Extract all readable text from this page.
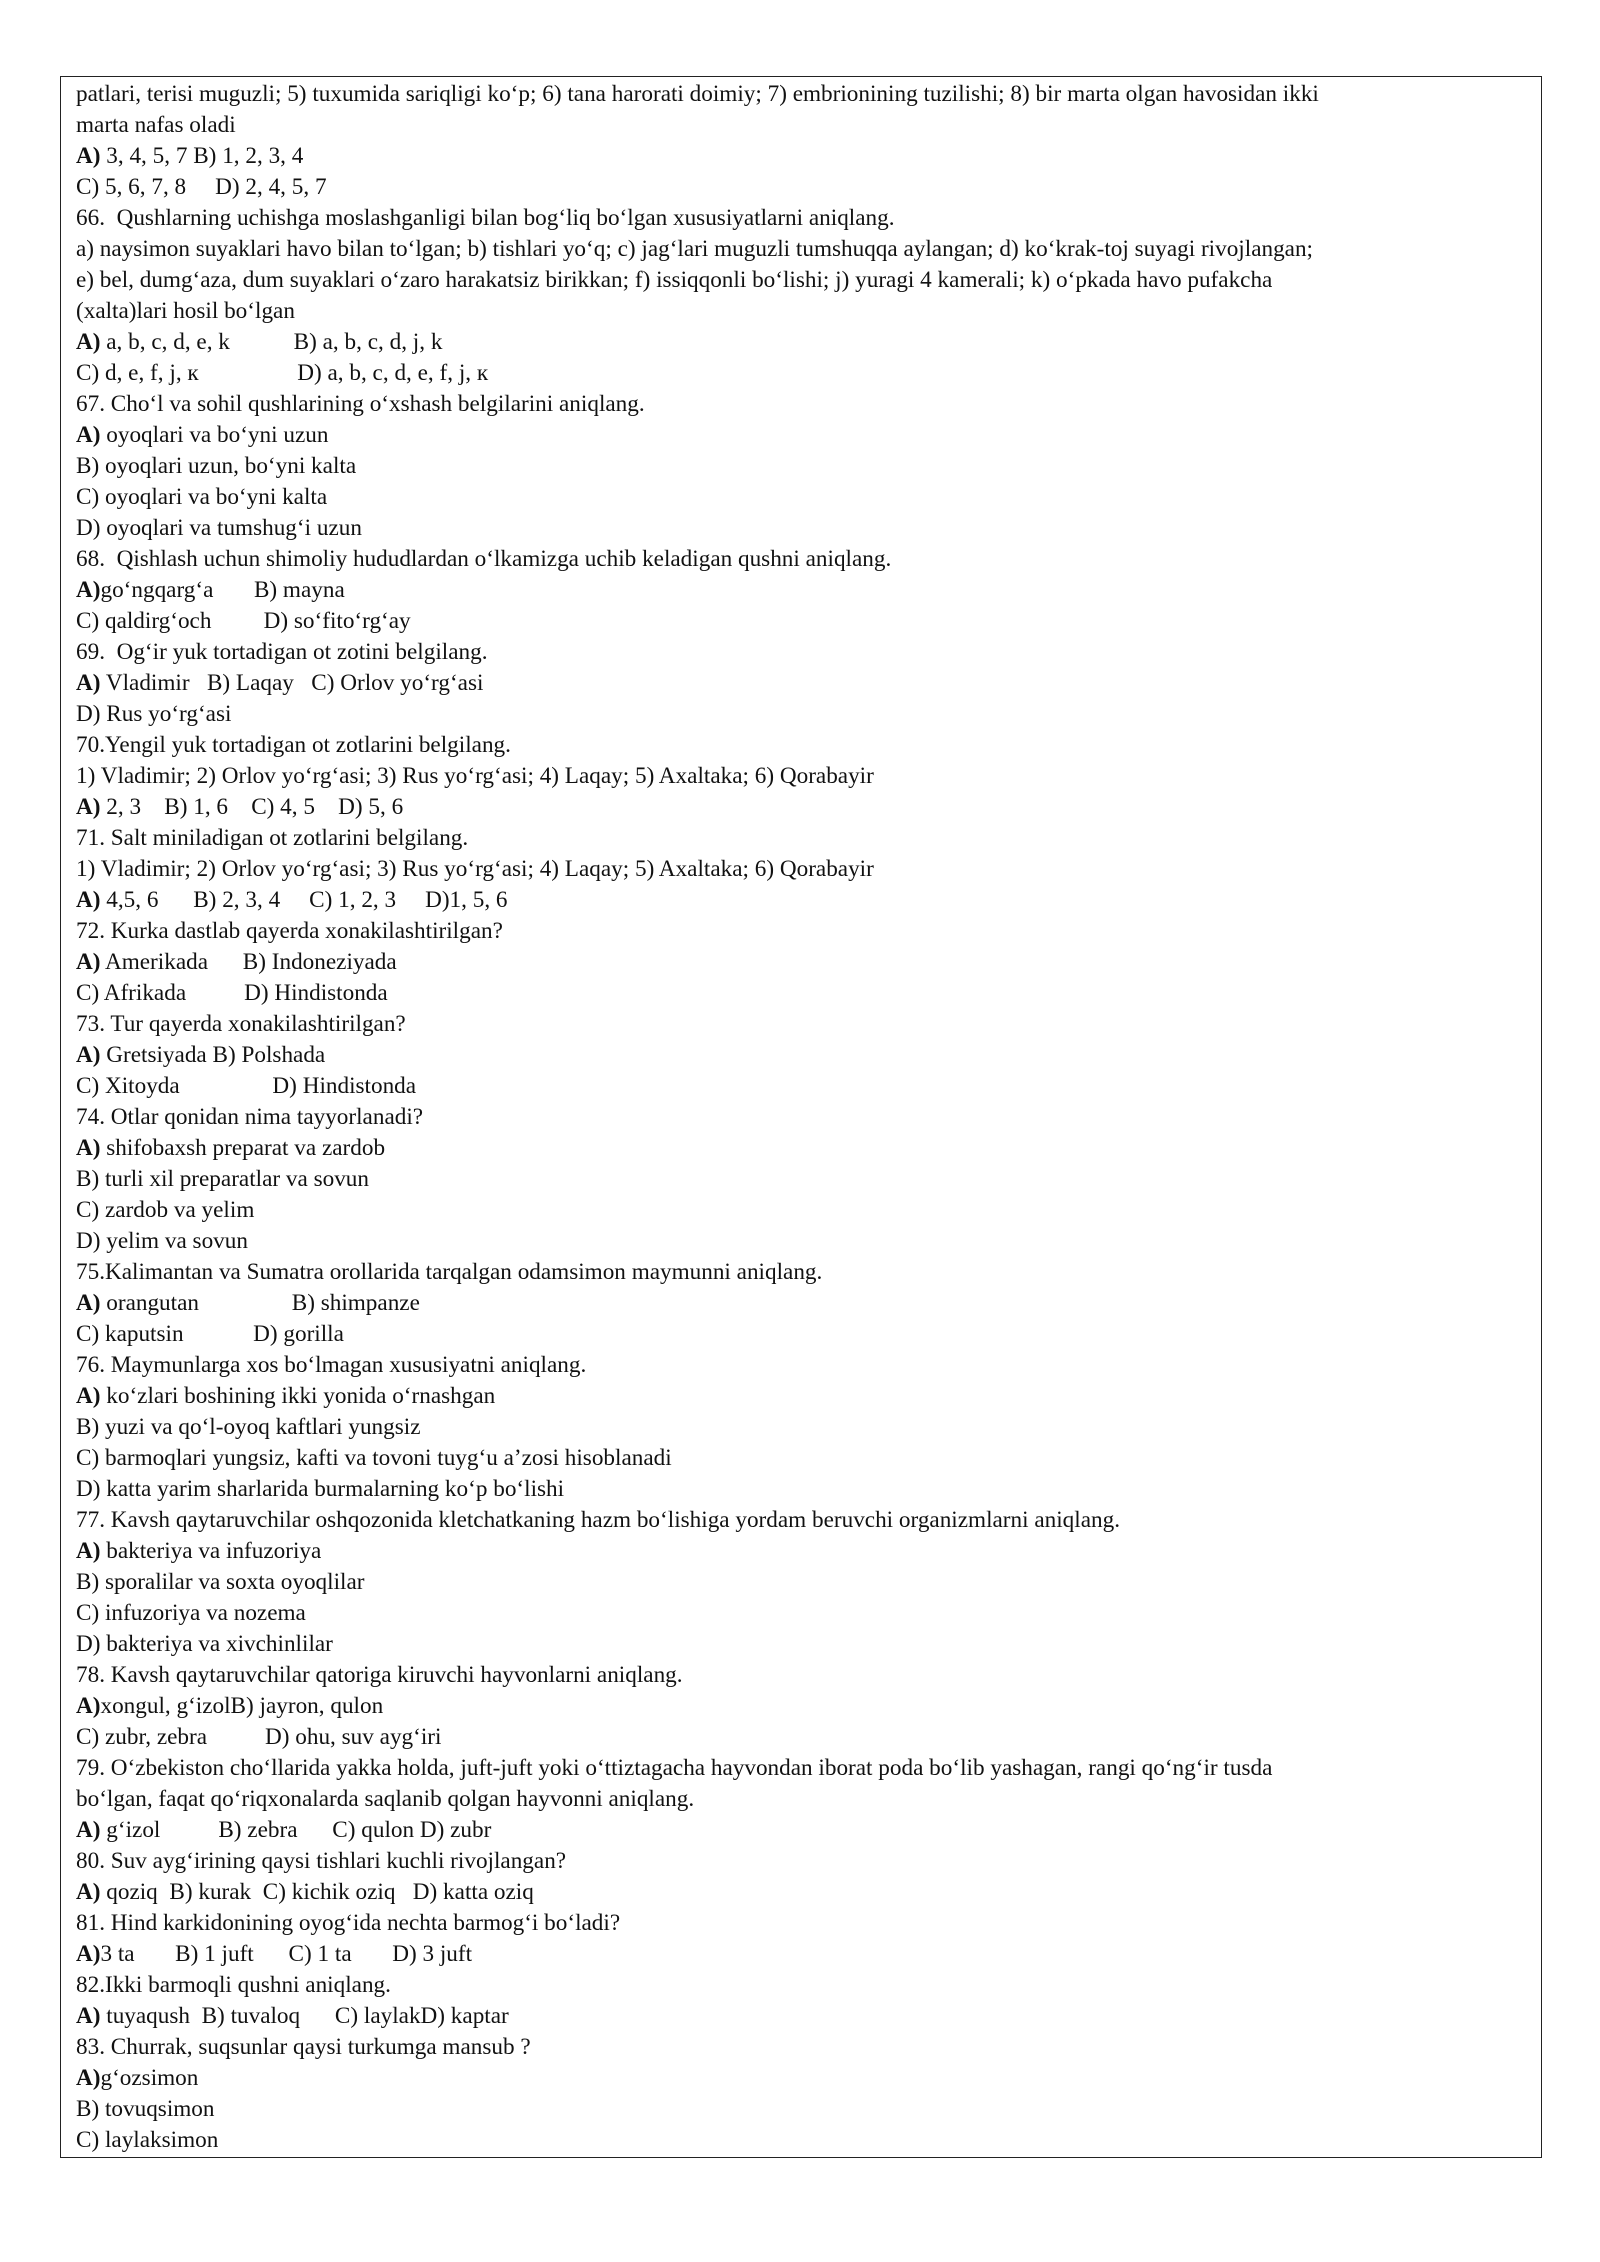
patlari, terisi muguzli; 5) tuxumida sariqligi ko‘p; 6) tana harorati doimiy; 7) embrionining tuzilishi; 8) bir marta olgan havosidan ikki
marta nafas oladi
A) 3, 4, 5, 7 B) 1, 2, 3, 4
C) 5, 6, 7, 8     D) 2, 4, 5, 7
66.  Qushlarning uchishga moslashganligi bilan bog‘liq bo‘lgan xususiyatlarni aniqlang.
a) naysimon suyaklari havo bilan to‘lgan; b) tishlari yo‘q; c) jag‘lari muguzli tumshuqqa aylangan; d) ko‘krak-toj suyagi rivojlangan;
e) bel, dumg‘aza, dum suyaklari o‘zaro harakatsiz birikkan; f) issiqqonli bo‘lishi; j) yuragi 4 kamerali; k) o‘pkada havo pufakcha
(xalta)lari hosil bo‘lgan
A) a, b, c, d, e, k           B) a, b, c, d, j, k
C) d, e, f, j, к                 D) a, b, c, d, e, f, j, к
67. Cho‘l va sohil qushlarining o‘xshash belgilarini aniqlang.
A) oyoqlari va bo‘yni uzun
B) oyoqlari uzun, bo‘yni kalta
C) oyoqlari va bo‘yni kalta
D) oyoqlari va tumshug‘i uzun
68.  Qishlash uchun shimoliy hududlardan o‘lkamizga uchib keladigan qushni aniqlang.
A)go‘ngqarg‘a       B) mayna
C) qaldirg‘och         D) so‘fito‘rg‘ay
69.  Og‘ir yuk tortadigan ot zotini belgilang.
A) Vladimir   B) Laqay   C) Orlov yo‘rg‘asi
D) Rus yo‘rg‘asi
70.Yengil yuk tortadigan ot zotlarini belgilang.
1) Vladimir; 2) Orlov yo‘rg‘asi; 3) Rus yo‘rg‘asi; 4) Laqay; 5) Axaltaka; 6) Qorabayir
A) 2, 3    B) 1, 6    C) 4, 5    D) 5, 6
71. Salt miniladigan ot zotlarini belgilang.
1) Vladimir; 2) Orlov yo‘rg‘asi; 3) Rus yo‘rg‘asi; 4) Laqay; 5) Axaltaka; 6) Qorabayir
A) 4,5, 6      B) 2, 3, 4     C) 1, 2, 3     D)1, 5, 6
72. Kurka dastlab qayerda xonakilashtirilgan?
A) Amerikada      B) Indoneziyada
C) Afrikada          D) Hindistonda
73. Tur qayerda xonakilashtirilgan?
A) Gretsiyada B) Polshada
C) Xitoyda                D) Hindistonda
74. Otlar qonidan nima tayyorlanadi?
A) shifobaxsh preparat va zardob
B) turli xil preparatlar va sovun
C) zardob va yelim
D) yelim va sovun
75.Kalimantan va Sumatra orollarida tarqalgan odamsimon maymunni aniqlang.
A) orangutan                B) shimpanze
C) kaputsin            D) gorilla
76. Maymunlarga xos bo‘lmagan xususiyatni aniqlang.
A) ko‘zlari boshining ikki yonida o‘rnashgan
B) yuzi va qo‘l-oyoq kaftlari yungsiz
C) barmoqlari yungsiz, kafti va tovoni tuyg‘u a’zosi hisoblanadi
D) katta yarim sharlarida burmalarning ko‘p bo‘lishi
77. Kavsh qaytaruvchilar oshqozonida kletchatkaning hazm bo‘lishiga yordam beruvchi organizmlarni aniqlang.
A) bakteriya va infuzoriya
B) sporalilar va soxta oyoqlilar
C) infuzoriya va nozema
D) bakteriya va xivchinlilar
78. Kavsh qaytaruvchilar qatoriga kiruvchi hayvonlarni aniqlang.
A)xongul, g‘izolB) jayron, qulon
C) zubr, zebra          D) ohu, suv ayg‘iri
79. O‘zbekiston cho‘llarida yakka holda, juft-juft yoki o‘ttiztagacha hayvondan iborat poda bo‘lib yashagan, rangi qo‘ng‘ir tusda
bo‘lgan, faqat qo‘riqxonalarda saqlanib qolgan hayvonni aniqlang.
A) g‘izol          B) zebra      C) qulon D) zubr
80. Suv ayg‘irining qaysi tishlari kuchli rivojlangan?
A) qoziq  B) kurak  C) kichik oziq   D) katta oziq
81. Hind karkidonining oyog‘ida nechta barmog‘i bo‘ladi?
A)3 ta       B) 1 juft      C) 1 ta       D) 3 juft
82.Ikki barmoqli qushni aniqlang.
A) tuyaqush  B) tuvaloq      C) laylakD) kaptar
83. Churrak, suqsunlar qaysi turkumga mansub ?
A)g‘ozsimon
B) tovuqsimon
C) laylaksimon
